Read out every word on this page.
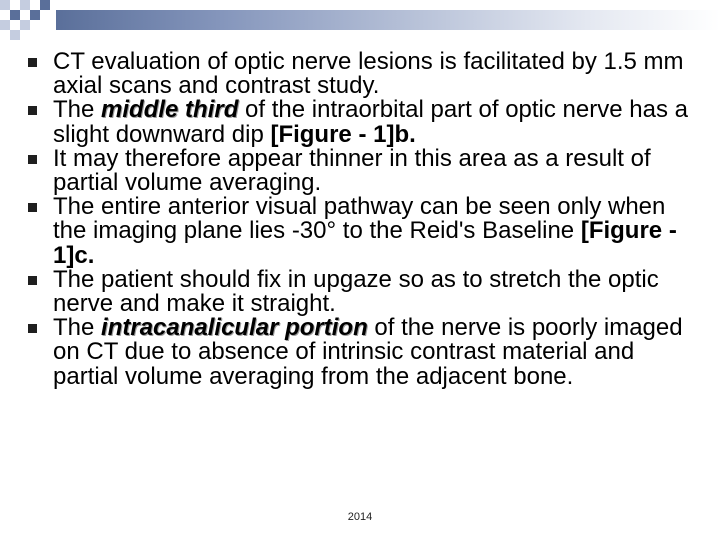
CT evaluation of optic nerve lesions is facilitated by 1.5 mm axial scans and contrast study.
The middle third of the intraorbital part of optic nerve has a slight downward dip [Figure - 1]b.
It may therefore appear thinner in this area as a result of partial volume averaging.
The entire anterior visual pathway can be seen only when the imaging plane lies -30° to the Reid's Baseline [Figure - 1]c.
The patient should fix in upgaze so as to stretch the optic nerve and make it straight.
The intracanalicular portion of the nerve is poorly imaged on CT due to absence of intrinsic contrast material and partial volume averaging from the adjacent bone.
2014
